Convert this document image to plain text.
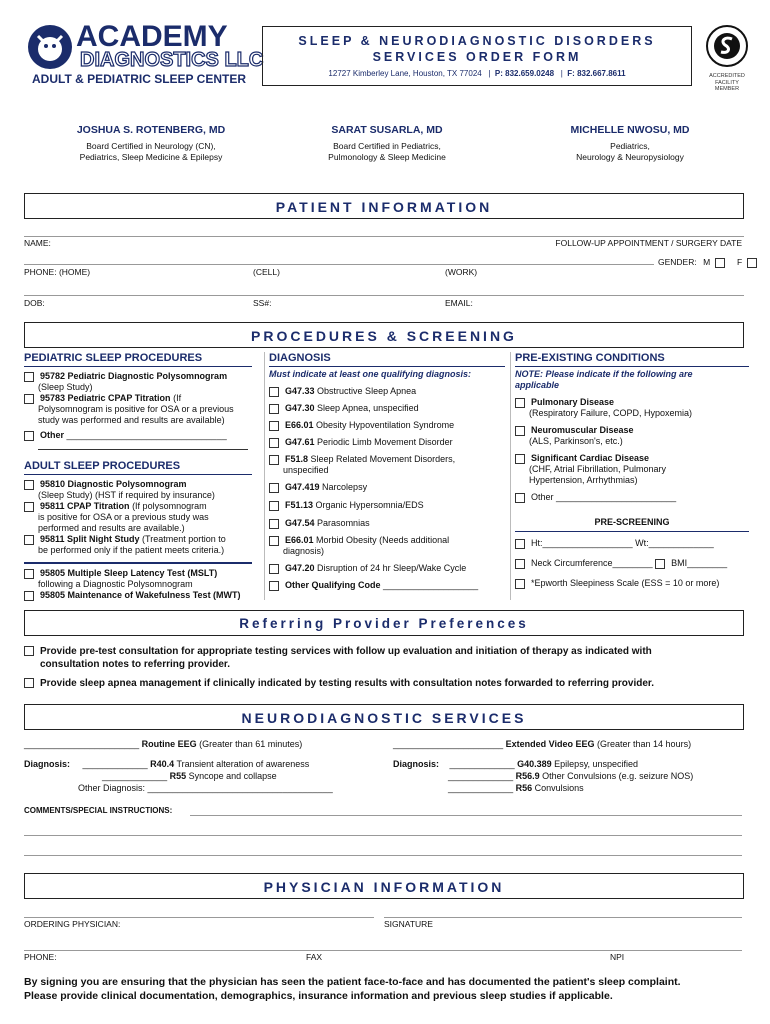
ACADEMY
DIAGNOSTICS LLC
ADULT & PEDIATRIC SLEEP CENTER
SLEEP & NEURODIAGNOSTIC DISORDERS
SERVICES ORDER FORM
12727 Kimberley Lane, Houston, TX 77024   |  P: 832.659.0248   |  F: 832.667.8611	ACCREDITED FACILITY MEMBER
JOSHUA S. ROTENBERG, MD
Board Certified in Neurology (CN),
Pediatrics, Sleep Medicine & Epilepsy
SARAT SUSARLA, MD
Board Certified in Pediatrics,
Pulmonology & Sleep Medicine
MICHELLE NWOSU, MD
Pediatrics,
Neurology & Neuropysiology
PATIENT INFORMATION
NAME:	FOLLOW-UP APPOINTMENT / SURGERY DATE
GENDER: M	F
PHONE: (HOME)	(CELL)	(WORK)
DOB:	SS#:	EMAIL:
PROCEDURES & SCREENING
PEDIATRIC SLEEP PROCEDURES
95782 Pediatric Diagnostic Polysomnogram
(Sleep Study)
95783 Pediatric CPAP Titration (If
Polysomnogram is positive for OSA or a previous
study was performed and results are available)
Other ________________________________
ADULT SLEEP PROCEDURES
95810 Diagnostic Polysomnogram
(Sleep Study) (HST if required by insurance)
95811 CPAP Titration (If polysomnogram
is positive for OSA or a previous study was
performed and results are available.)
95811 Split Night Study (Treatment portion to
be performed only if the patient meets criteria.)
95805 Multiple Sleep Latency Test (MSLT)
following a Diagnostic Polysomnogram
95805 Maintenance of Wakefulness Test (MWT)
DIAGNOSIS
Must indicate at least one qualifying diagnosis:
G47.33 Obstructive Sleep Apnea
G47.30 Sleep Apnea, unspecified
E66.01 Obesity Hypoventilation Syndrome
G47.61 Periodic Limb Movement Disorder
F51.8 Sleep Related Movement Disorders,
unspecified
G47.419 Narcolepsy
F51.13 Organic Hypersomnia/EDS
G47.54 Parasomnias
E66.01 Morbid Obesity (Needs additional
diagnosis)
G47.20 Disruption of 24 hr Sleep/Wake Cycle
Other Qualifying Code ___________________
PRE-EXISTING CONDITIONS
NOTE: Please indicate if the following are
applicable
Pulmonary Disease
(Respiratory Failure, COPD, Hypoxemia)
Neuromuscular Disease
(ALS, Parkinson's, etc.)
Significant Cardiac Disease
(CHF, Atrial Fibrillation, Pulmonary
Hypertension, Arrhythmias)
Other ________________________
PRE-SCREENING
Ht:__________________ Wt:_____________
Neck Circumference________ BMI________
*Epworth Sleepiness Scale (ESS = 10 or more)
Referring Provider Preferences
Provide pre-test consultation for appropriate testing services with follow up evaluation and initiation of therapy as indicated with
consultation notes to referring provider.
Provide sleep apnea management if clinically indicated by testing results with consultation notes forwarded to referring provider.
NEURODIAGNOSTIC SERVICES
_______________________ Routine EEG (Greater than 61 minutes)	______________________ Extended Video EEG (Greater than 14 hours)
Diagnosis: _____________ R40.4 Transient alteration of awareness
_____________ R55 Syncope and collapse
Other Diagnosis: _____________________________________
Diagnosis: _____________ G40.389 Epilepsy, unspecified
_____________ R56.9 Other Convulsions (e.g. seizure NOS)
_____________ R56 Convulsions
COMMENTS/SPECIAL INSTRUCTIONS:
PHYSICIAN INFORMATION
ORDERING PHYSICIAN:	SIGNATURE
PHONE:	FAX	NPI
By signing you are ensuring that the physician has seen the patient face-to-face and has documented the patient's sleep complaint.
Please provide clinical documentation, demographics, insurance information and previous sleep studies if applicable.
